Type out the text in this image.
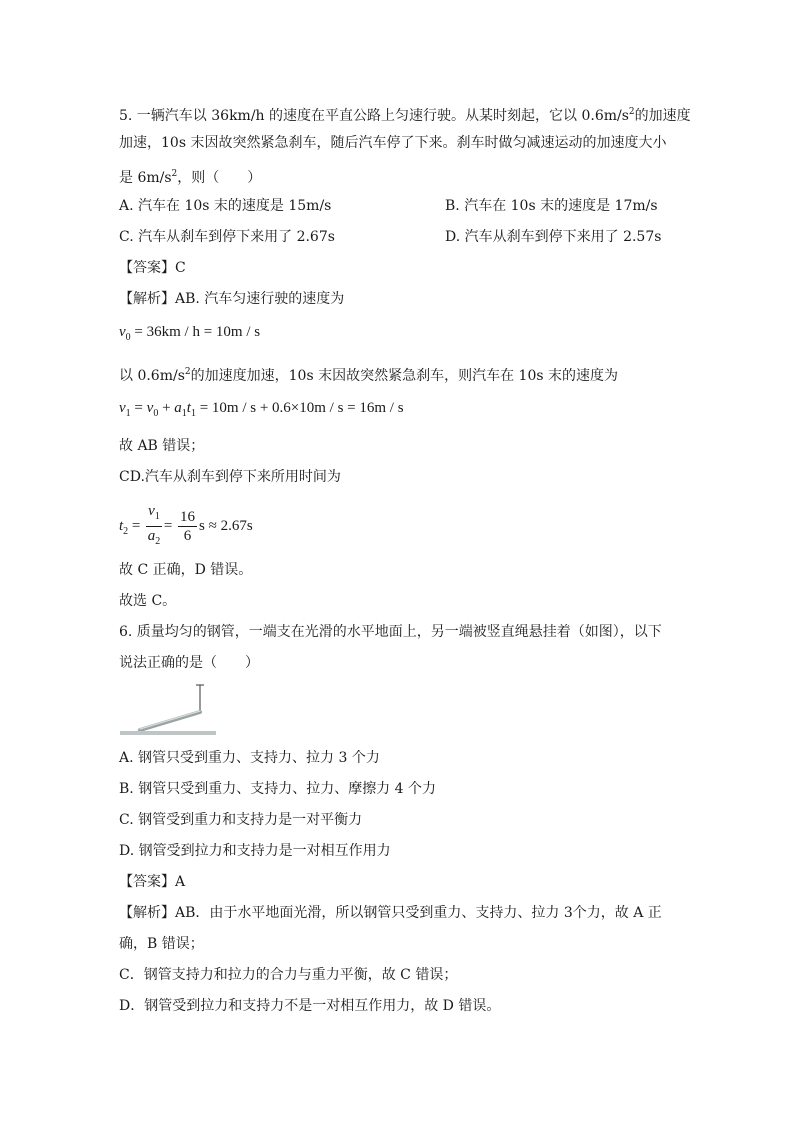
5. 一辆汽车以 36km/h 的速度在平直公路上匀速行驶。从某时刻起，它以 $0.6m/s^2$的加速度
加速，10s 末因故突然紧急刹车，随后汽车停了下来。刹车时做匀减速运动的加速度大小
是 $6m/s^2$，则（　　）
A. 汽车在 10s 末的速度是 15m/s	B. 汽车在 10s 末的速度是 17m/s
C. 汽车从刹车到停下来用了 2.67s	D. 汽车从刹车到停下来用了 2.57s
【答案】C
【解析】AB. 汽车匀速行驶的速度为
$v_0 = 36km / h = 10m / s$
以 $0.6m/s^2$的加速度加速，10s 末因故突然紧急刹车，则汽车在 10s 末的速度为
$v_1 = v_0 + a_1t_1 = 10m / s + 0.6\times 10m / s = 16m / s$
故 AB 错误；
CD.汽车从刹车到停下来所用时间为
$t_2 = \frac{v_1}{a_2} = \frac{16}{6}$ s ≈ 2.67s
故 C 正确，D 错误。
故选 C。
6. 质量均匀的钢管，一端支在光滑的水平地面上，另一端被竖直绳悬挂着（如图），以下
说法正确的是（　　）
A. 钢管只受到重力、支持力、拉力 3 个力
B. 钢管只受到重力、支持力、拉力、摩擦力 4 个力
C. 钢管受到重力和支持力是一对平衡力
D. 钢管受到拉力和支持力是一对相互作用力
【答案】A
【解析】AB．由于水平地面光滑，所以钢管只受到重力、支持力、拉力 3个力，故 A 正
确，B 错误；
C．钢管支持力和拉力的合力与重力平衡，故 C 错误；
D．钢管受到拉力和支持力不是一对相互作用力，故 D 错误。
